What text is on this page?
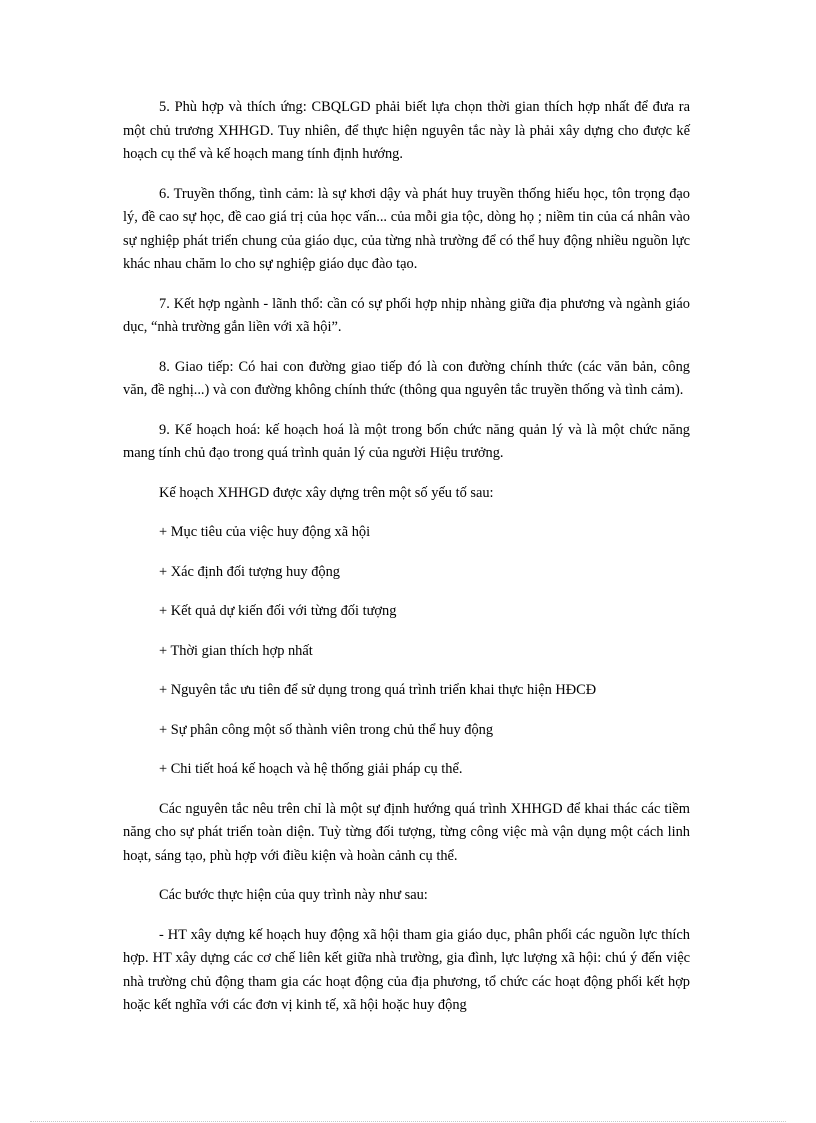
5. Phù hợp và thích ứng: CBQLGD phải biết lựa chọn thời gian thích hợp nhất để đưa ra một chủ trương XHHGD. Tuy nhiên, để thực hiện nguyên tắc này là phải xây dựng cho được kế hoạch cụ thể và kế hoạch mang tính định hướng.

6. Truyền thống, tình cảm: là sự khơi dậy và phát huy truyền thống hiếu học, tôn trọng đạo lý, đề cao sự học, đề cao giá trị của học vấn... của mỗi gia tộc, dòng họ ; niềm tin của cá nhân vào sự nghiệp phát triển chung của giáo dục, của từng nhà trường để có thể huy động nhiều nguồn lực khác nhau chăm lo cho sự nghiệp giáo dục đào tạo.

7. Kết hợp ngành - lãnh thổ: cần có sự phối hợp nhịp nhàng giữa địa phương và ngành giáo dục, “nhà trường gắn liền với xã hội”.

8. Giao tiếp: Có hai con đường giao tiếp đó là con đường chính thức (các văn bản, công văn, đề nghị...) và con đường không chính thức (thông qua nguyên tắc truyền thống và tình cảm).

9. Kế hoạch hoá: kế hoạch hoá là một trong bốn chức năng quản lý và là một chức năng mang tính chủ đạo trong quá trình quản lý của người Hiệu trưởng.

Kế hoạch XHHGD được xây dựng trên một số yếu tố sau:

+ Mục tiêu của việc huy động xã hội

+ Xác định đối tượng huy động

+ Kết quả dự kiến đối với từng đối tượng

+ Thời gian thích hợp nhất

+ Nguyên tắc ưu tiên để sử dụng trong quá trình triển khai thực hiện HĐCĐ

+ Sự phân công một số thành viên trong chủ thể huy động

+ Chi tiết hoá kế hoạch và hệ thống giải pháp cụ thể.

Các nguyên tắc nêu trên chỉ là một sự định hướng quá trình XHHGD để khai thác các tiềm năng cho sự phát triển toàn diện. Tuỳ từng đối tượng, từng công việc mà vận dụng một cách linh hoạt, sáng tạo, phù hợp với điều kiện và hoàn cảnh cụ thể.

Các bước thực hiện của quy trình này như sau:

- HT xây dựng kế hoạch huy động xã hội tham gia giáo dục, phân phối các nguồn lực thích hợp. HT xây dựng các cơ chế liên kết giữa nhà trường, gia đình, lực lượng xã hội: chú ý đến việc nhà trường chủ động tham gia các hoạt động của địa phương, tổ chức các hoạt động phối kết hợp hoặc kết nghĩa với các đơn vị kinh tế, xã hội hoặc huy động
